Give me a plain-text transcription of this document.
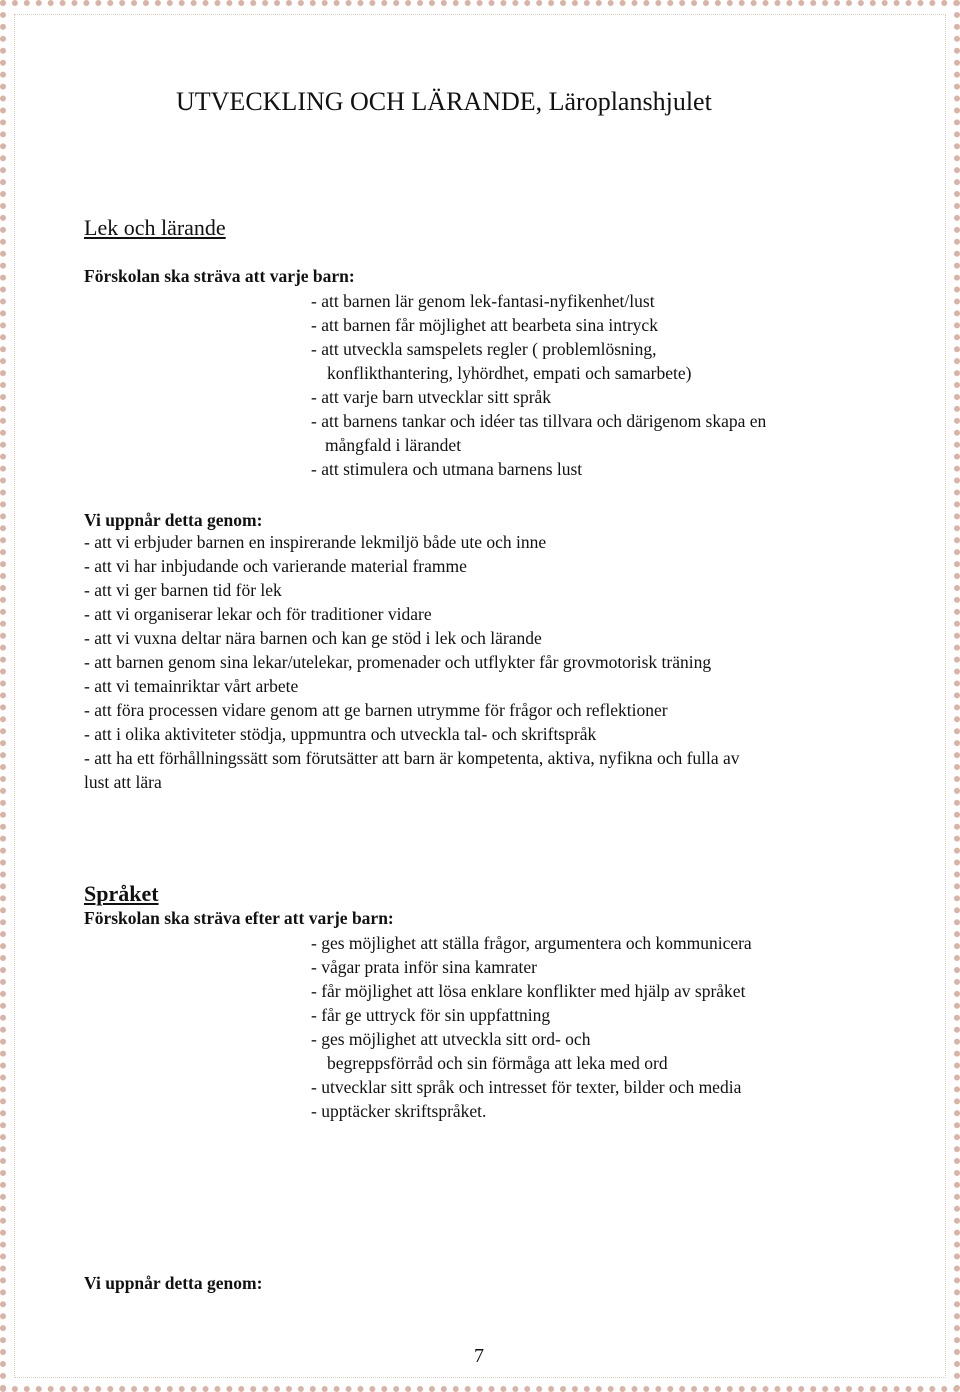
UTVECKLING OCH LÄRANDE, Läroplanshjulet
Lek och lärande
Förskolan ska sträva att varje barn:
- att barnen lär genom lek-fantasi-nyfikenhet/lust
- att barnen får möjlighet att bearbeta sina intryck
- att utveckla samspelets regler ( problemlösning,
konflikthantering, lyhördhet, empati och samarbete)
- att varje barn utvecklar sitt språk
- att barnens tankar och idéer tas tillvara och därigenom skapa en
mångfald i lärandet
- att stimulera och utmana barnens lust
Vi uppnår detta genom:
- att vi erbjuder barnen en inspirerande lekmiljö både ute och inne
- att vi har inbjudande och varierande material framme
- att vi ger barnen tid för lek
- att vi organiserar lekar och för traditioner vidare
- att vi vuxna deltar nära barnen och kan ge stöd i lek och lärande
- att barnen genom sina lekar/utelekar, promenader och utflykter får grovmotorisk träning
- att vi temainriktar vårt arbete
- att föra processen vidare genom att ge barnen utrymme för frågor och reflektioner
- att i olika aktiviteter stödja, uppmuntra och utveckla tal- och skriftspråk
- att ha ett förhållningssätt som förutsätter att barn är kompetenta, aktiva, nyfikna och fulla av
lust att lära
Språket
Förskolan ska sträva efter att varje barn:
- ges möjlighet att ställa frågor, argumentera och kommunicera
- vågar prata inför sina kamrater
- får möjlighet att lösa enklare konflikter med hjälp av språket
- får ge uttryck för sin uppfattning
- ges möjlighet att utveckla sitt ord- och
begreppsförråd och sin förmåga att leka med ord
- utvecklar sitt språk och intresset för texter, bilder och media
- upptäcker skriftspråket.
Vi uppnår detta genom:
7
